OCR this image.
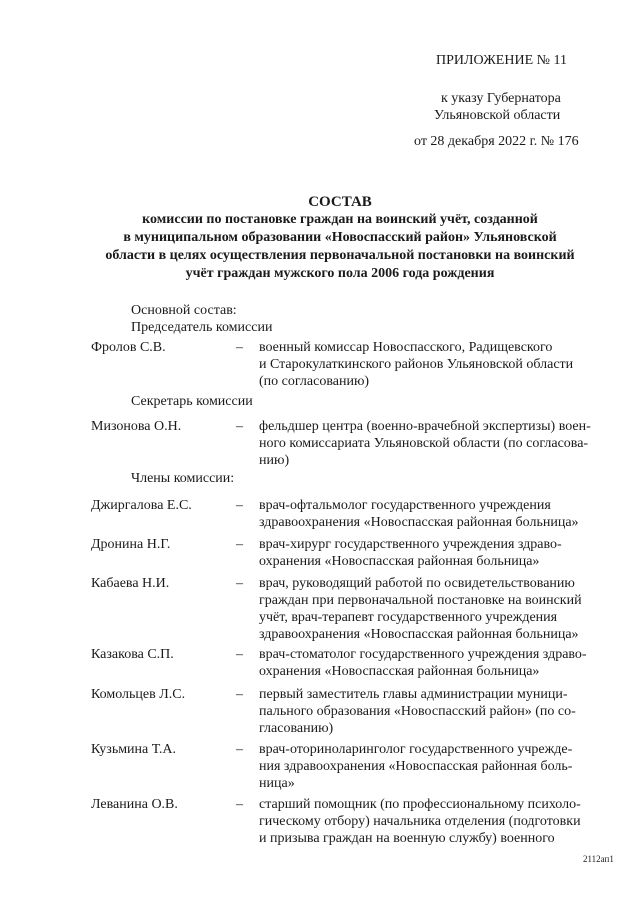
ПРИЛОЖЕНИЕ № 11
к указу Губернатора
Ульяновской области
от 28 декабря 2022 г. № 176
СОСТАВ
комиссии по постановке граждан на воинский учёт, созданной
в муниципальном образовании «Новоспасский район» Ульяновской
области в целях осуществления первоначальной постановки на воинский
учёт граждан мужского пола 2006 года рождения
Основной состав:
Председатель комиссии
Секретарь комиссии
Члены комиссии:
Фролов С.В.	– военный комиссар Новоспасского, Радищевского
и Старокулаткинского районов Ульяновской области
(по согласованию)
Мизонова О.Н.	– фельдшер центра (военно-врачебной экспертизы) воен-
ного комиссариата Ульяновской области (по согласова-
нию)
Джиргалова Е.С.	– врач-офтальмолог государственного учреждения
здравоохранения «Новоспасская районная больница»
Дронина Н.Г.	– врач-хирург государственного учреждения здраво-
охранения «Новоспасская районная больница»
Кабаева Н.И.	– врач, руководящий работой по освидетельствованию
граждан при первоначальной постановке на воинский
учёт, врач-терапевт государственного учреждения
здравоохранения «Новоспасская районная больница»
Казакова С.П.	– врач-стоматолог государственного учреждения здраво-
охранения «Новоспасская районная больница»
Комольцев Л.С.	– первый заместитель главы администрации муници-
пального образования «Новоспасский район» (по со-
гласованию)
Кузьмина Т.А.	– врач-оториноларинголог государственного учрежде-
ния здравоохранения «Новоспасская районная боль-
ница»
Леванина О.В.	– старший помощник (по профессиональному психоло-
гическому отбору) начальника отделения (подготовки
и призыва граждан на военную службу) военного
2112ап1
